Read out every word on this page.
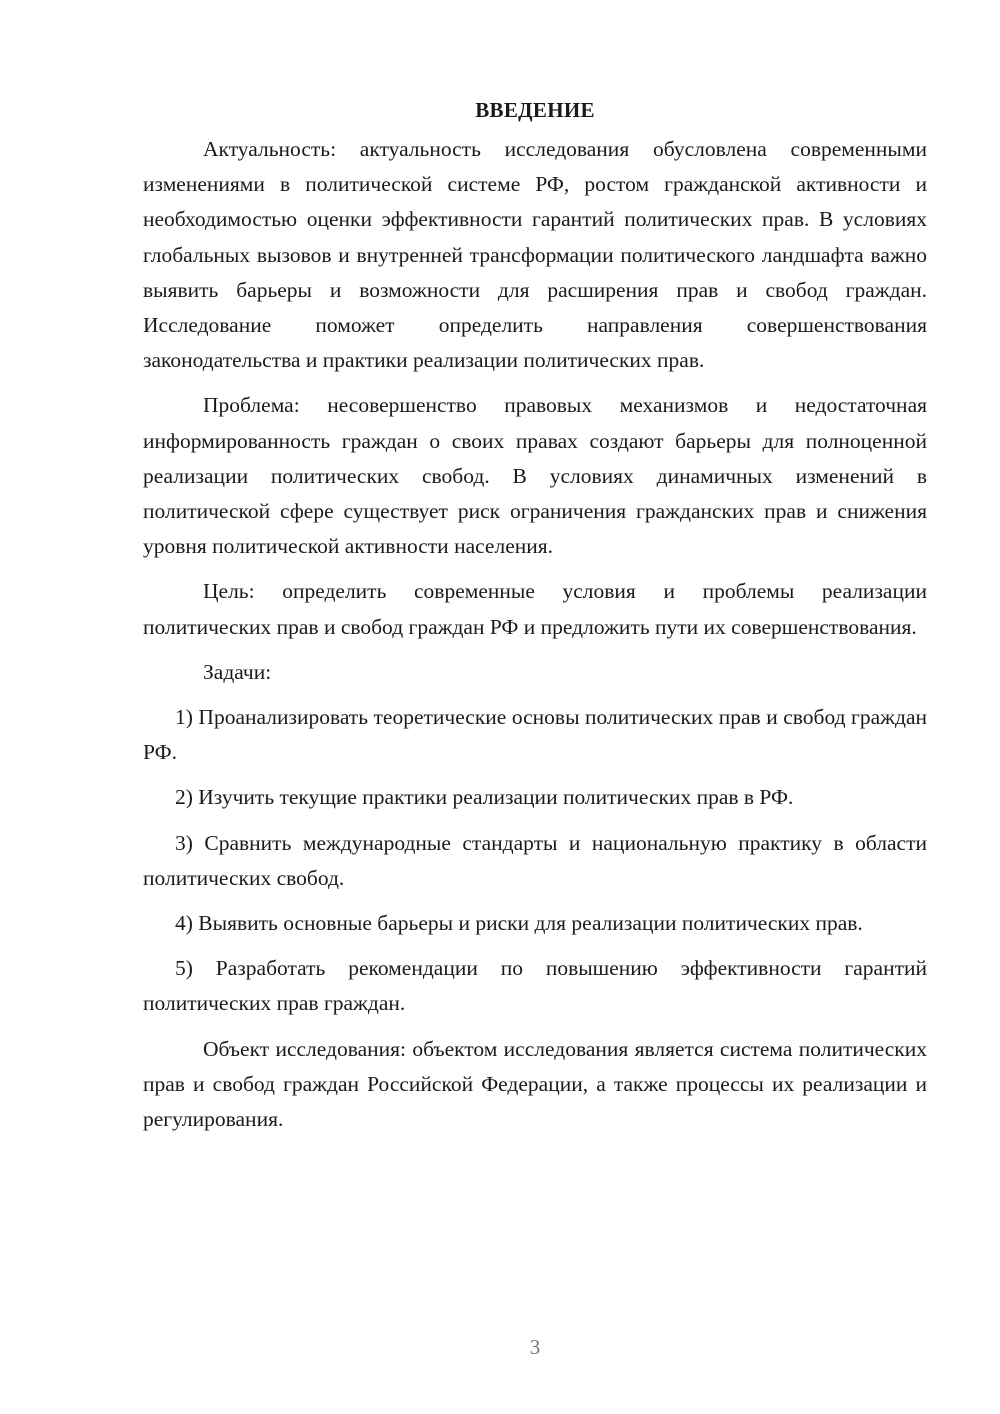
ВВЕДЕНИЕ

Актуальность: актуальность исследования обусловлена современными изменениями в политической системе РФ, ростом гражданской активности и необходимостью оценки эффективности гарантий политических прав. В условиях глобальных вызовов и внутренней трансформации политического ландшафта важно выявить барьеры и возможности для расширения прав и свобод граждан. Исследование поможет определить направления совершенствования законодательства и практики реализации политических прав.

Проблема: несовершенство правовых механизмов и недостаточная информированность граждан о своих правах создают барьеры для полноценной реализации политических свобод. В условиях динамичных изменений в политической сфере существует риск ограничения гражданских прав и снижения уровня политической активности населения.

Цель: определить современные условия и проблемы реализации политических прав и свобод граждан РФ и предложить пути их совершенствования.

Задачи:

1) Проанализировать теоретические основы политических прав и свобод граждан РФ.

2) Изучить текущие практики реализации политических прав в РФ.

3) Сравнить международные стандарты и национальную практику в области политических свобод.

4) Выявить основные барьеры и риски для реализации политических прав.

5) Разработать рекомендации по повышению эффективности гарантий политических прав граждан.

Объект исследования: объектом исследования является система политических прав и свобод граждан Российской Федерации, а также процессы их реализации и регулирования.

3
